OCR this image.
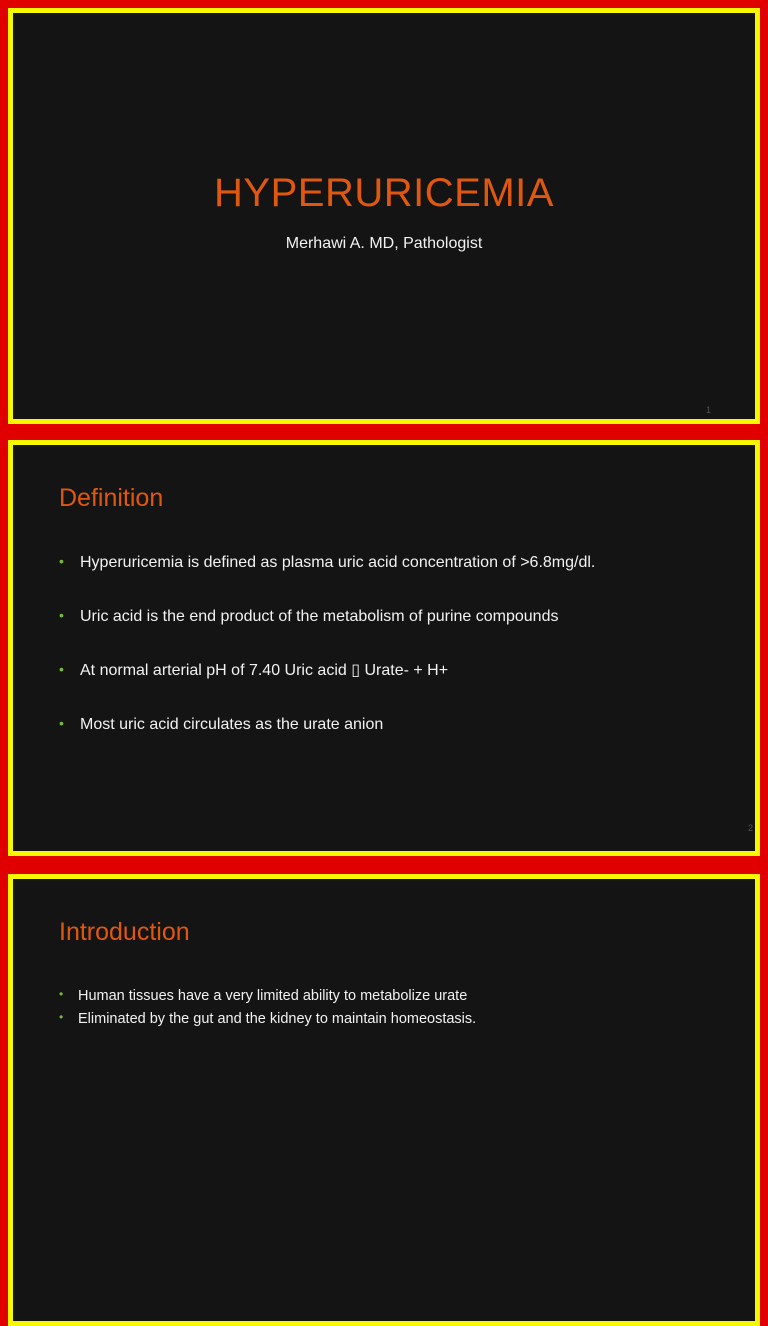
HYPERURICEMIA
Merhawi A. MD, Pathologist
1
Definition
•	Hyperuricemia is defined as plasma uric acid concentration of >6.8mg/dl.
•	Uric acid is the end product of the metabolism of purine compounds
•	At normal arterial pH of 7.40 Uric acid ▯ Urate- + H+
•	Most uric acid circulates as the urate anion
2
Introduction
•	Human tissues have a very limited ability to metabolize urate
•	Eliminated by the gut and the kidney to maintain homeostasis.
